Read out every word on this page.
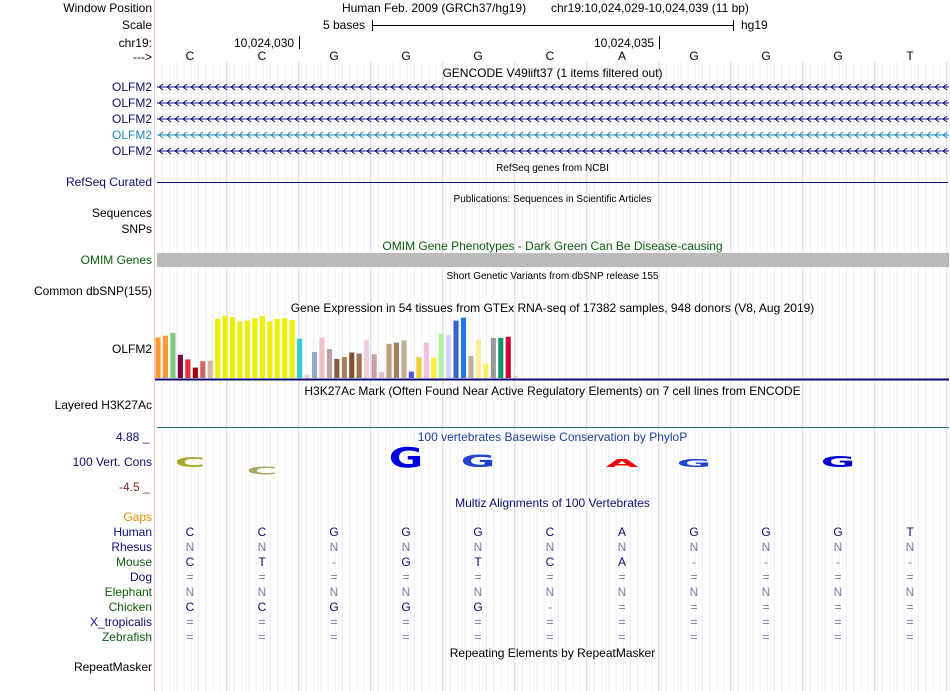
Window Position	Human Feb. 2009 (GRCh37/hg19) chr19:10,024,029-10,024,039 (11 bp)
Scale	5 bases	hg19
chr19:	10,024,030	10,024,035
--->	C	C	G	G	G	C	A	G	G	G	T
GENCODE V49lift37 (1 items filtered out)
OLFM2
OLFM2
OLFM2
OLFM2
OLFM2
RefSeq genes from NCBI
RefSeq Curated
Publications: Sequences in Scientific Articles
Sequences
SNPs
OMIM Gene Phenotypes - Dark Green Can Be Disease-causing
OMIM Genes
Short Genetic Variants from dbSNP release 155
Common dbSNP(155)
Gene Expression in 54 tissues from GTEx RNA-seq of 17382 samples, 948 donors (V8, Aug 2019)
OLFM2
H3K27Ac Mark (Often Found Near Active Regulatory Elements) on 7 cell lines from ENCODE
Layered H3K27Ac
100 vertebrates Basewise Conservation by PhyloP
4.88 _
100 Vert. Cons
-4.5 _
C
C	G G	A G	G
Multiz Alignments of 100 Vertebrates
Gaps
Human	C	C	G	G	G	C	A	G	G	G	T
Rhesus	N	N	N	N	N	N	N	N	N	N	N
Mouse	C	T	-	G	T	C	A	-	-	-	-
Dog	=	=	=	=	=	=	=	=	=	=	=
Elephant	N	N	N	N	N	N	N	N	N	N	N
Chicken	C	C	G	G	G	-	=	=	=	=	=
X_tropicalis	=	=	=	=	=	=	=	=	=	=	=
Zebrafish	=	=	=	=	=	=	=	=	=	=	=
Repeating Elements by RepeatMasker
RepeatMasker
